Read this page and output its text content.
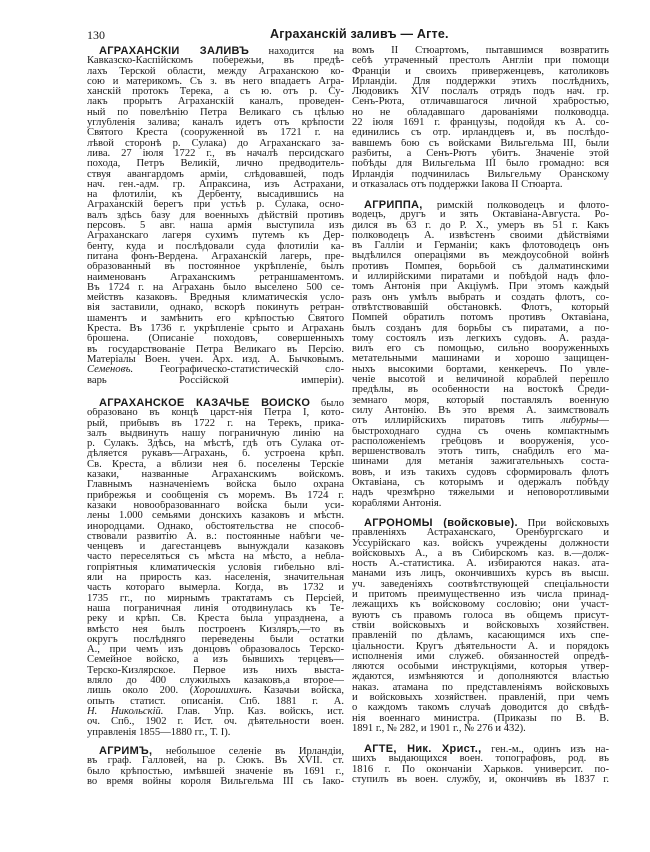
130	Аграханскій заливъ — Агте.
АГРАХАНСКІЙ ЗАЛИВЪ находится на
Кавказско-Каспійскомъ побережьи, въ предѣ-
лахъ Терской области, между Аграханскою ко-
сою и материкомъ. Съ з. въ него впадаетъ Агра-
ханскій протокъ Терека, а съ ю. отъ р. Су-
лакъ прорытъ Аграханскій каналъ, проведен-
ный по повелѣнію Петра Великаго съ цѣлью
углубленія залива; каналъ идетъ отъ крѣпости
Святого Креста (сооруженной въ 1721 г. на
лѣвой сторонѣ р. Сулака) до Аграханскаго за-
лива. 27 іюля 1722 г., въ началѣ персидскаго
похода, Петръ Великій, лично предводитель-
ствуя авангардомъ арміи, слѣдовавшей, подъ
нач. ген.-адм. гр. Апраксина, изъ Астрахани,
на флотиліи, къ Дербенту, высадившись на
Аграханскій берегъ при устьѣ р. Сулака, осно-
валъ здѣсь базу для военныхъ дѣйствій противъ
персовъ. 5 авг. наша армія выступила изъ
Аграханскаго лагеря сухимъ путемъ къ Дер-
бенту, куда и послѣдовали суда флотиліи ка-
питана фонъ-Вердена. Аграханскій лагерь, пре-
образованный въ постоянное укрѣпленіе, былъ
наименованъ Аграханскимъ ретраншаментомъ.
Въ 1724 г. на Аграхань было выселено 500 се-
мействъ казаковъ. Вредныя климатическія усло-
вія заставили, однако, вскорѣ покинуть ретран-
шаментъ и замѣнить его крѣпостью Святого
Креста. Въ 1736 г. укрѣпленіе срыто и Аграхань
брошена. (Описаніе походовъ, совершенныхъ
въ государствованіе Петра Великаго въ Персію.
Матеріалы Воен. учен. Арх. изд. А. Бычковымъ.
Семеновъ. Географическо-статистическій сло-
варь Россійской имперіи).
АГРАХАНСКОЕ КАЗАЧЬЕ ВОЙСКО было
образовано въ концѣ царст-нія Петра I, кото-
рый, прибывъ въ 1722 г. на Терекъ, прика-
залъ выдвинуть нашу пограничную линію на
р. Сулакъ. Здѣсь, на мѣстѣ, гдѣ отъ Сулака от-
дѣляется рукавъ—Аграхань, б. устроена крѣп.
Св. Креста, а вблизи нея б. поселены Терскіе
казаки, названные Аграханскимъ войскомъ.
Главнымъ назначеніемъ войска было охрана
прибрежья и сообщенія съ моремъ. Въ 1724 г.
казаки новообразованнаго войска были уси-
лены 1.000 семьями донскихъ казаковъ и мѣстн.
инородцами. Однако, обстоятельства не способ-
ствовали развитію А. в.: постоянные набѣги че-
ченцевъ и дагестанцевъ вынуждали казаковъ
часто переселяться съ мѣста на мѣсто, а небла-
гопріятныя климатическія условія гибельно влі-
яли на прирость каз. населенія, значительная
часть котораго вымерла. Когда, въ 1732 и
1735 гг., по мирнымъ трактатамъ съ Персіей,
наша пограничная линія отодвинулась къ Те-
реку и крѣп. Св. Креста была упразднена, а
вмѣсто нея былъ построенъ Кизляръ,—то въ
округъ послѣдняго переведены были остатки
А., при чемъ изъ донцовъ образовалось Терско-
Семейное войско, а изъ бывшихъ терцевъ—
Терско-Кизлярское. Первое изъ нихъ выста-
вляло до 400 служилыхъ казаковъ,а второе—
лишь около 200. (Хорошихинъ. Казачьи войска,
опыть статист. описанія. Спб. 1881 г. А.
Н. Никольскій. Глав. Упр. Каз. войскъ, ист.
оч. Спб., 1902 г. Ист. оч. дѣятельности воен.
управленія 1855—1880 гг., Т. I).
АГРИМЪ, небольшое селеніе въ Ирландіи,
въ граф. Галловей, на р. Сюкъ. Въ XVII. ст.
было крѣпостью, имѣвшей значеніе въ 1691 г.,
во время войны короля Вильгельма III съ Іако-
вомъ II Стюартомъ, пытавшимся возвратить
себѣ утраченный престолъ Англіи при помощи
Франціи и своихъ приверженцевъ, католиковъ
Ирландіи. Для поддержки этихъ послѣднихъ,
Людовикъ XIV послалъ отрядъ подъ нач. гр.
Сенъ-Рюта, отличавшагося личной храбростью,
но не обладавшаго дарованіями полководца.
22 іюля 1691 г. французы, подойдя къ А. со-
единились съ отр. ирландцевъ и, въ послѣдо-
вавшемъ бою съ войсками Вильгельма III, были
разбиты, а Сенъ-Рютъ убитъ. Значеніе этой
побѣды для Вильгельма III было громадно: вся
Ирландія подчинилась Вильгельму Оранскому
и отказалась отъ поддержки Іакова II Стюарта.
АГРИППА, римскій полководецъ и флото-
водецъ, другъ и зять Октавіана-Августа. Ро-
дился въ 63 г. до Р. Х., умеръ въ 51 г. Какъ
полководецъ А. извѣстенъ своими дѣйствіями
въ Галліи и Германіи; какъ флотоводецъ онъ
выдѣлился операціями въ междоусобной войнѣ
противъ Помпея, борьбой съ далматинскими
и иллирійскими пиратами и побѣдой надъ фло-
томъ Антонія при Акціумѣ. При этомъ каждый
разъ онъ умѣлъ выбрать и создать флотъ, со-
отвѣтствовавшій обстановкѣ. Флотъ, который
Помпей обратилъ потомъ противъ Октавіана,
былъ созданъ для борьбы съ пиратами, а по-
тому состоялъ изъ легкихъ судовъ. А. разда-
вилъ его съ помощью, сильно вооруженныхъ
метательными машинами и хорошо защищен-
ныхъ высокими бортами, кенкеречъ. По увле-
ченіе высотой и величиной кораблей перешло
предѣлы, въ особенности на востокѣ Среди-
земнаго моря, который поставлялъ военную
силу Антонію. Въ это время А. заимствовалъ
отъ иллирійскихъ пиратовъ типъ либурны—
быстроходнаго судна съ очень компактнымъ
расположеніемъ гребцовъ и вооруженія, усо-
вершенствовалъ этотъ типъ, снабдилъ его ма-
шинами для метанія зажигательныхъ соста-
вовъ, и изъ такихъ судовъ сформировалъ флотъ
Октавіана, съ которымъ и одержалъ побѣду
надъ чрезмѣрно тяжелыми и неповоротливыми
кораблями Антонія.
АГРОНОМЫ (войсковые). При войсковыхъ
правленіяхъ Астраханскаго, Оренбургскаго и
Уссурійскаго каз. войскъ учреждены должности
войсковыхъ А., а въ Сибирскомъ каз. в.—долж-
ность А.-статистика. А. избираются наказ. ата-
манами изъ лицъ, окончившихъ курсъ въ высш.
уч. заведеніяхъ соотвѣтствующей спеціальности
и притомъ преимущественно изъ числа принад-
лежащихъ къ войсковому сословію; они участ-
вуютъ съ правомъ голоса въ общемъ присут-
ствіи войсковыхъ и войсковыхъ хозяйствен.
правленій по дѣламъ, касающимся ихъ спе-
ціальности. Кругъ дѣятельности А. и порядокъ
исполненія ими служеб. обязанностей опредѣ-
ляются особыми инструкціями, которыя утвер-
ждаются, измѣняются и дополняются властью
наказ. атамана по представленіямъ войсковыхъ
и войсковыхъ хозяйствен. правленій, при чемъ
о каждомъ такомъ случаѣ доводится до свѣдѣ-
нія военнаго министра. (Приказы по В. В.
1891 г., № 282, и 1901 г., № 276 и 432).
АГТЕ, Ник. Христ., ген.-м., одинъ изъ на-
шихъ выдающихся воен. топографовъ, род. въ
1816 г. По окончаніи Харьков. университ. по-
ступилъ въ воен. службу, и, окончивъ въ 1837 г.
